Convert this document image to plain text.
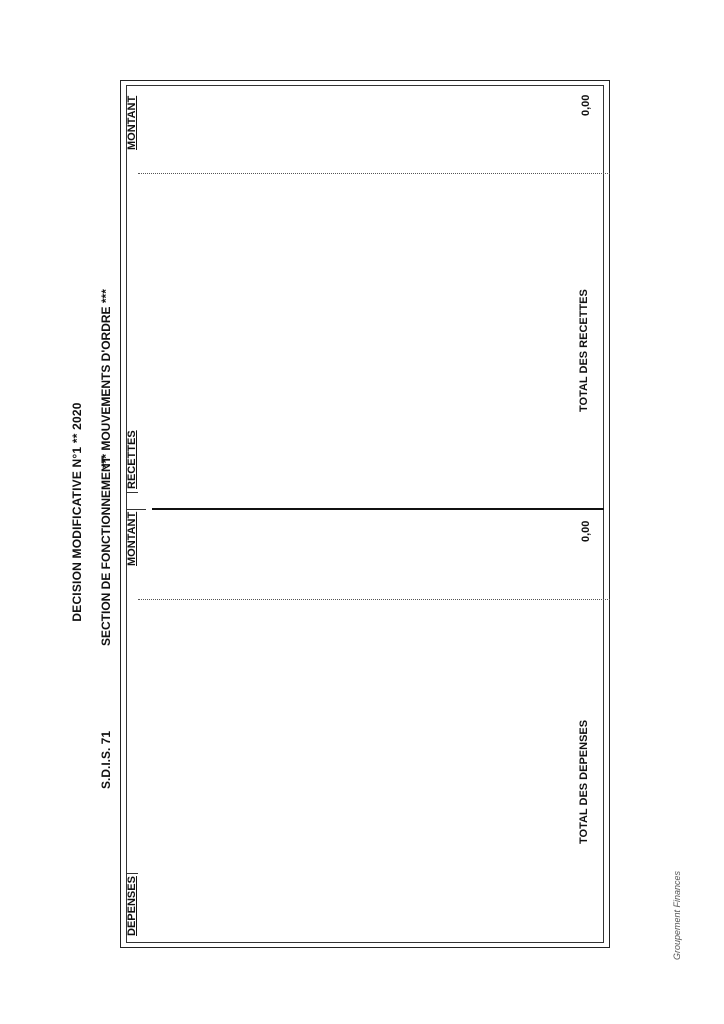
DECISION MODIFICATIVE N°1 ** 2020
S.D.I.S. 71
SECTION DE FONCTIONNEMENT
*** MOUVEMENTS D'ORDRE ***
DEPENSES
MONTANT
RECETTES
MONTANT
TOTAL DES DEPENSES
0,00
TOTAL DES RECETTES
0,00
Groupement Finances
